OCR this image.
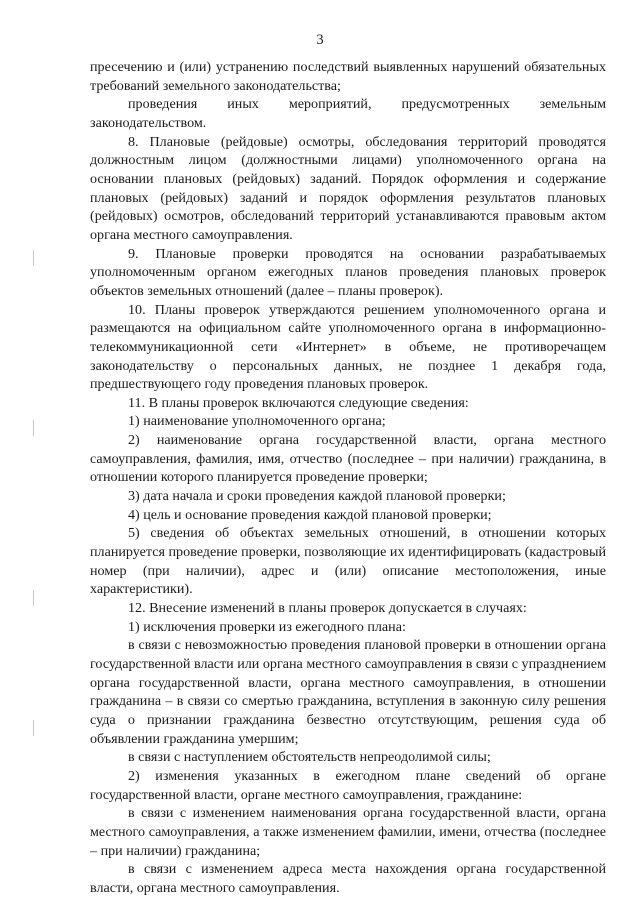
3

пресечению и (или) устранению последствий выявленных нарушений обязательных требований земельного законодательства;

проведения иных мероприятий, предусмотренных земельным законодательством.

8. Плановые (рейдовые) осмотры, обследования территорий проводятся должностным лицом (должностными лицами) уполномоченного органа на основании плановых (рейдовых) заданий. Порядок оформления и содержание плановых (рейдовых) заданий и порядок оформления результатов плановых (рейдовых) осмотров, обследований территорий устанавливаются правовым актом органа местного самоуправления.

9. Плановые проверки проводятся на основании разрабатываемых уполномоченным органом ежегодных планов проведения плановых проверок объектов земельных отношений (далее – планы проверок).

10. Планы проверок утверждаются решением уполномоченного органа и размещаются на официальном сайте уполномоченного органа в информационно-телекоммуникационной сети «Интернет» в объеме, не противоречащем законодательству о персональных данных, не позднее 1 декабря года, предшествующего году проведения плановых проверок.

11. В планы проверок включаются следующие сведения:

1) наименование уполномоченного органа;

2) наименование органа государственной власти, органа местного самоуправления, фамилия, имя, отчество (последнее – при наличии) гражданина, в отношении которого планируется проведение проверки;

3) дата начала и сроки проведения каждой плановой проверки;

4) цель и основание проведения каждой плановой проверки;

5) сведения об объектах земельных отношений, в отношении которых планируется проведение проверки, позволяющие их идентифицировать (кадастровый номер (при наличии), адрес и (или) описание местоположения, иные характеристики).

12. Внесение изменений в планы проверок допускается в случаях:

1) исключения проверки из ежегодного плана:

в связи с невозможностью проведения плановой проверки в отношении органа государственной власти или органа местного самоуправления в связи с упразднением органа государственной власти, органа местного самоуправления, в отношении гражданина – в связи со смертью гражданина, вступления в законную силу решения суда о признании гражданина безвестно отсутствующим, решения суда об объявлении гражданина умершим;

в связи с наступлением обстоятельств непреодолимой силы;

2) изменения указанных в ежегодном плане сведений об органе государственной власти, органе местного самоуправления, гражданине:

в связи с изменением наименования органа государственной власти, органа местного самоуправления, а также изменением фамилии, имени, отчества (последнее – при наличии) гражданина;

в связи с изменением адреса места нахождения органа государственной власти, органа местного самоуправления.
